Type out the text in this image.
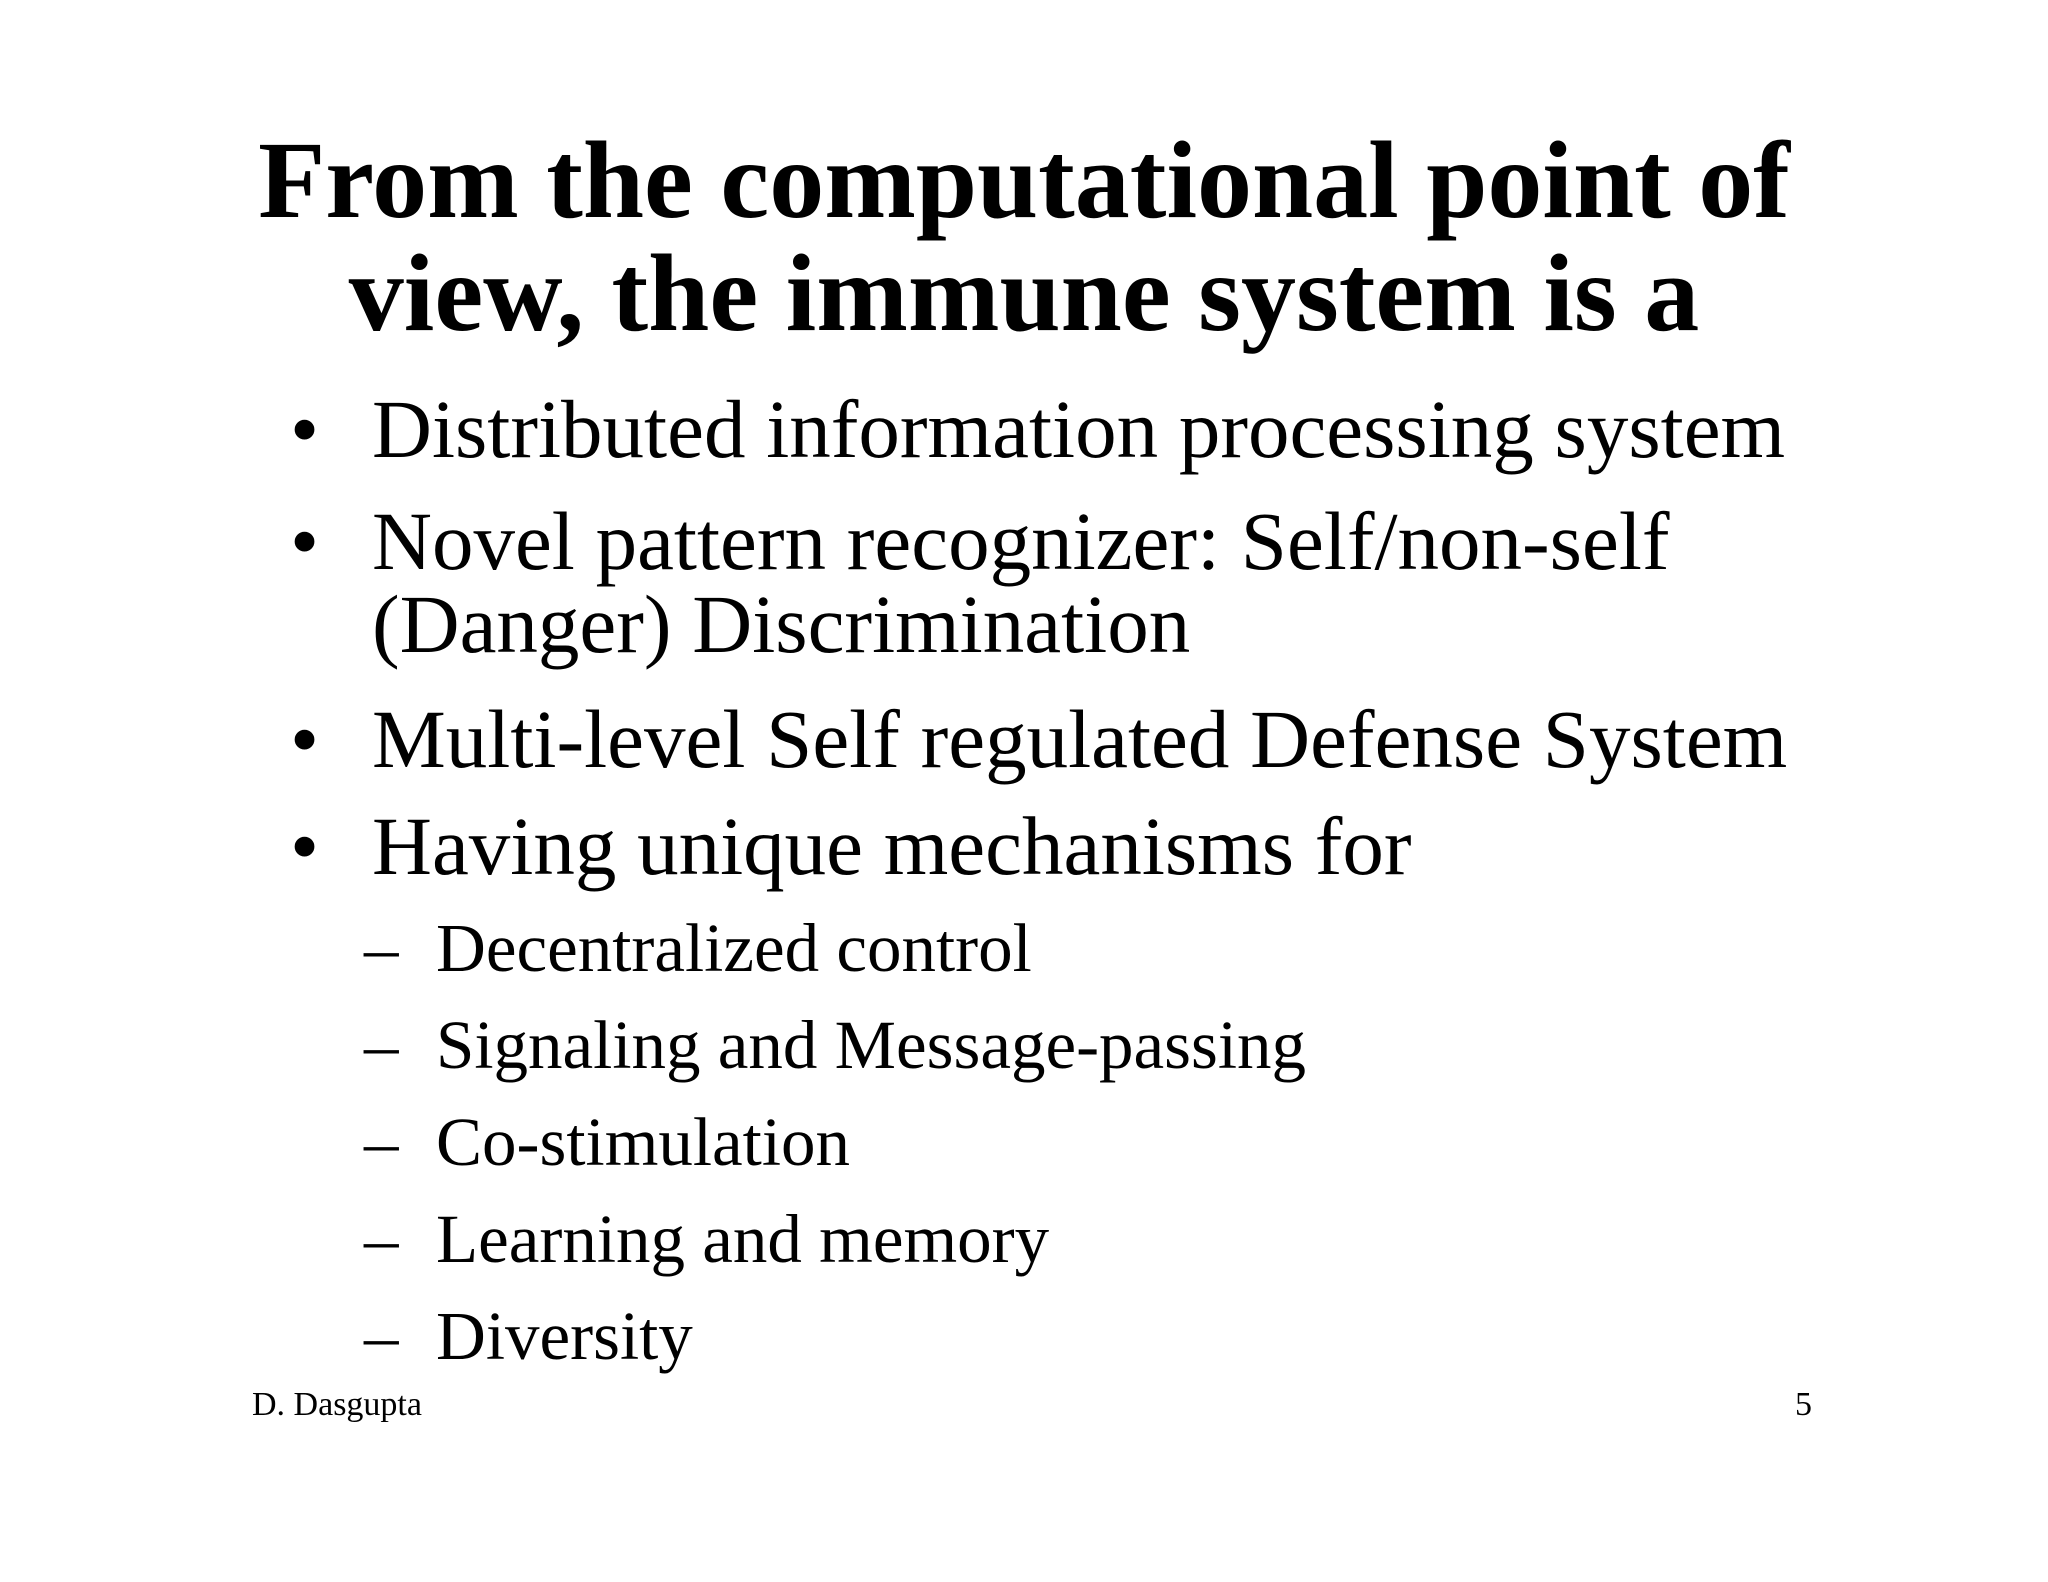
From the computational point of
view, the immune system is a
• Distributed information processing system
• Novel pattern recognizer: Self/non-self
(Danger) Discrimination
• Multi-level Self regulated Defense System
• Having unique mechanisms for
– Decentralized control
– Signaling and Message-passing
– Co-stimulation
– Learning and memory
– Diversity
D. Dasgupta	5
